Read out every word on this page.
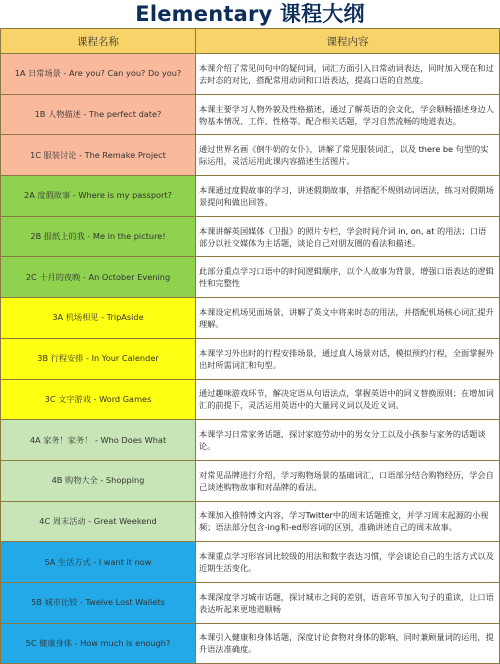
Elementary 课程大纲
课程名称	课程内容
1A 日常场景 - Are you? Can you? Do you?	本课介绍了常见问句中的疑问词，词汇方面引入日常动词表达，同时加入现在和过去时态的对比，搭配常用动词和口语表达，提高口语的自然度。
1B 人物描述 - The perfect date?	本课主要学习人物外貌及性格描述，通过了解英语的会文化，学会顺畅描述身边人物基本情况、工作、性格等。配合相关话题，学习自然流畅的地道表达。
1C 服装讨论 - The Remake Project	通过世界名画《倒牛奶的女仆》，讲解了常见服装词汇，以及 there be 句型的实际运用，灵活运用此课内容描述生活图片。
2A 度假故事 - Where is my passport?	本课通过度假故事的学习，讲述假期故事，并搭配不规则动词语法，练习对假期场景提问和做出回答。
2B 报纸上的我 - Me in the picture!	本课讲解英国媒体《卫报》的照片专栏，学会时间介词 in, on, at 的用法；口语部分以社交媒体为主话题，谈论自己对朋友圈的看法和描述。
2C 十月的夜晚 - An October Evening	此部分重点学习口语中的时间逻辑顺序，以个人故事为背景，增强口语表达的逻辑性和完整性
3A 机场相见 - TripAside	本课设定机场见面场景，讲解了英文中将来时态的用法，并搭配机场核心词汇提升理解。
3B 行程安排 - In Your Calender	本课学习外出时的行程安排场景，通过真人场景对话，模拟预约行程，全面掌握外出时所需词汇和句型。
3C 文字游戏 - Word Games	通过趣味游戏环节，解决定语从句语法点，掌握英语中的同义替换原则；在增加词汇的前提下，灵活运用英语中的大量同义词以及近义词。
4A 家务！家务！ - Who Does What	本课学习日常家务话题，探讨家庭劳动中的男女分工以及小孩参与家务的话题谈论。
4B 购物大全 - Shopping	对常见品牌进行介绍，学习购物场景的基础词汇，口语部分结合购物经历，学会自己谈述购物故事和对品牌的看法。
4C 周末活动 - Great Weekend	本课加入推特博文内容，学习Twitter中的周末话题推文，并学习周末起源的小视频；语法部分包含-ing和-ed形容词的区别，准确讲述自己的周末故事。
5A 生活方式 - I want it now	本课重点学习形容词比较级的用法和数字表达习惯，学会谈论自己的生活方式以及近期生活变化。
5B 城市比较 - Twelve Lost Wallets	本课深度学习城市话题，探讨城市之间的差别，语音环节加入句子的重读，让口语表达听起来更地道顺畅
5C 健康身体 - How much is enough?	本课引入健康和身体话题，深度讨论食物对身体的影响，同时兼顾量词的运用，提升语法准确度。
